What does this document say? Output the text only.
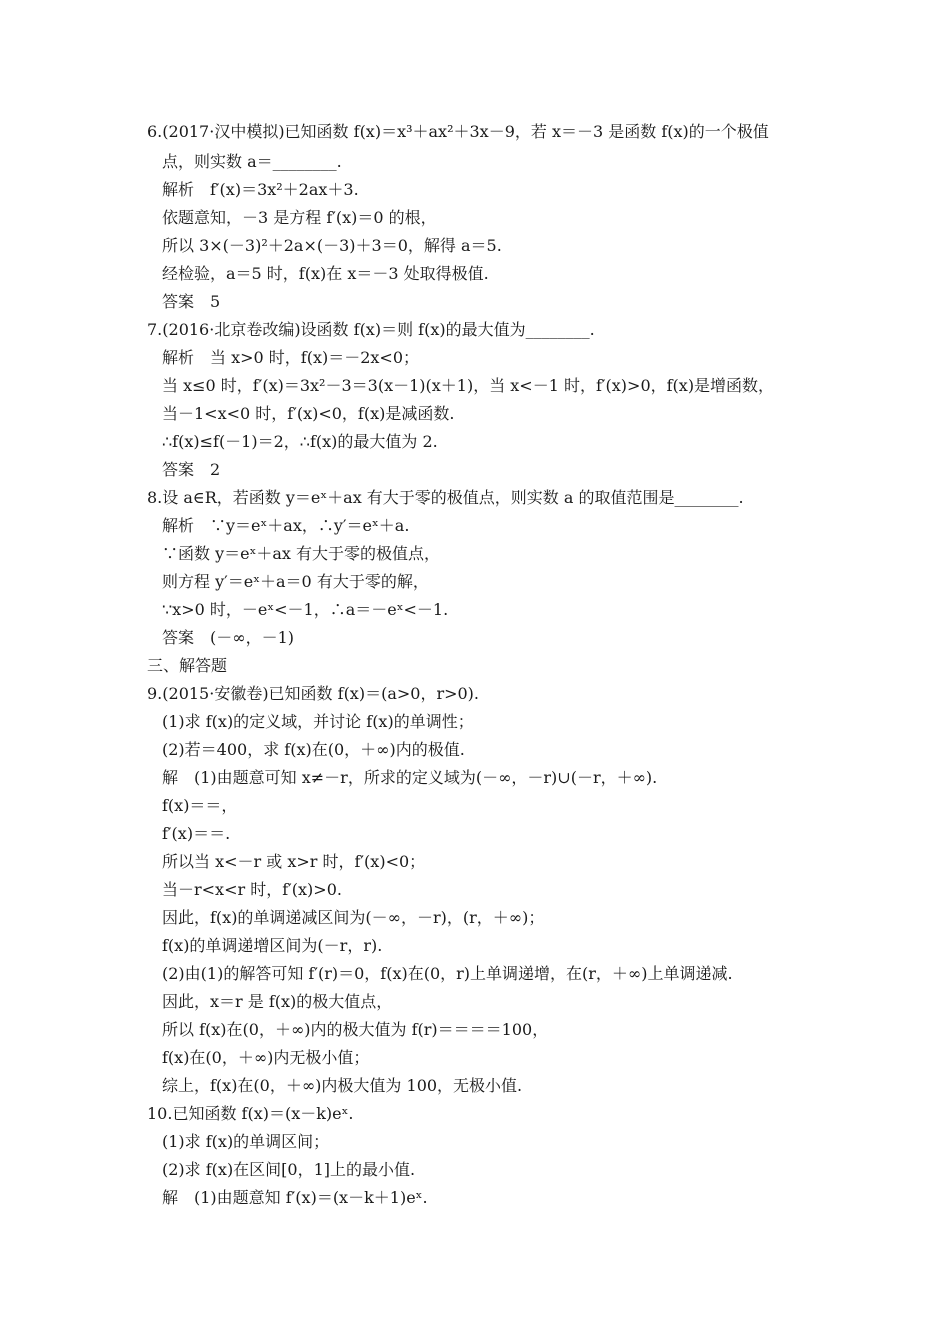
6.(2017·汉中模拟)已知函数 f(x)＝x³＋ax²＋3x－9，若 x＝－3 是函数 f(x)的一个极值
点，则实数 a＝________.
解析　f′(x)＝3x²＋2ax＋3.
依题意知，－3 是方程 f′(x)＝0 的根，
所以 3×(－3)²＋2a×(－3)＋3＝0，解得 a＝5.
经检验，a＝5 时，f(x)在 x＝－3 处取得极值.
答案　5
7.(2016·北京卷改编)设函数 f(x)＝则 f(x)的最大值为________.
解析　当 x>0 时，f(x)＝－2x<0；
当 x≤0 时，f′(x)＝3x²－3＝3(x－1)(x＋1)，当 x<－1 时，f′(x)>0，f(x)是增函数，
当－1<x<0 时，f′(x)<0，f(x)是减函数.
∴f(x)≤f(－1)＝2，∴f(x)的最大值为 2.
答案　2
8.设 a∈R，若函数 y＝eˣ＋ax 有大于零的极值点，则实数 a 的取值范围是________.
解析　∵y＝eˣ＋ax，∴y′＝eˣ＋a.
∵函数 y＝eˣ＋ax 有大于零的极值点，
则方程 y′＝eˣ＋a＝0 有大于零的解，
∵x>0 时，－eˣ<－1，∴a＝－eˣ<－1.
答案　(－∞，－1)
三、解答题
9.(2015·安徽卷)已知函数 f(x)＝(a>0，r>0).
(1)求 f(x)的定义域，并讨论 f(x)的单调性；
(2)若＝400，求 f(x)在(0，＋∞)内的极值.
解　(1)由题意可知 x≠－r，所求的定义域为(－∞，－r)∪(－r，＋∞).
f(x)＝＝，
f′(x)＝＝.
所以当 x<－r 或 x>r 时，f′(x)<0；
当－r<x<r 时，f′(x)>0.
因此，f(x)的单调递减区间为(－∞，－r)，(r，＋∞)；
f(x)的单调递增区间为(－r，r).
(2)由(1)的解答可知 f′(r)＝0，f(x)在(0，r)上单调递增，在(r，＋∞)上单调递减.
因此，x＝r 是 f(x)的极大值点，
所以 f(x)在(0，＋∞)内的极大值为 f(r)＝＝＝＝100，
f(x)在(0，＋∞)内无极小值；
综上，f(x)在(0，＋∞)内极大值为 100，无极小值.
10.已知函数 f(x)＝(x－k)eˣ.
(1)求 f(x)的单调区间；
(2)求 f(x)在区间[0，1]上的最小值.
解　(1)由题意知 f′(x)＝(x－k＋1)eˣ.
